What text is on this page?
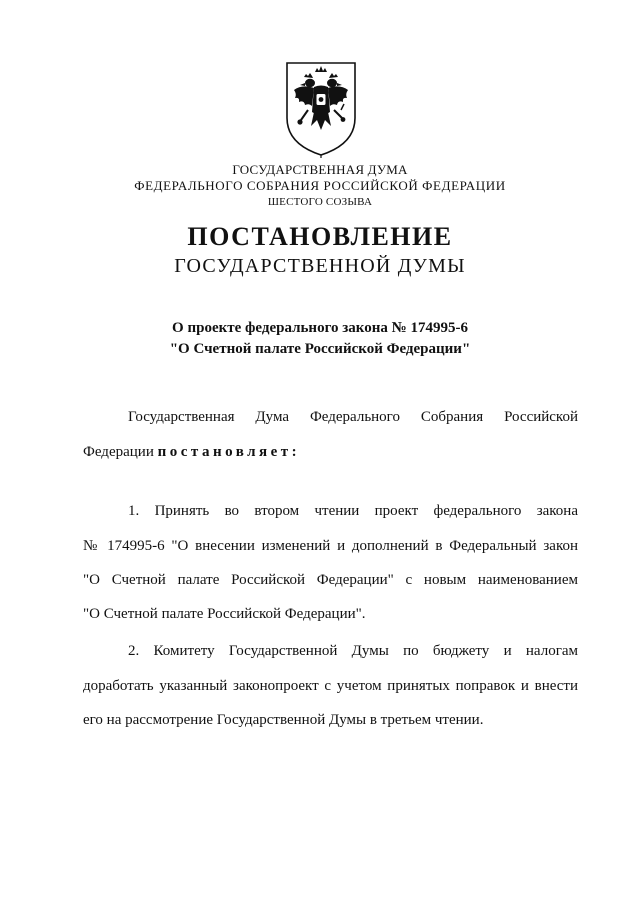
ГОСУДАРСТВЕННАЯ ДУМА
ФЕДЕРАЛЬНОГО СОБРАНИЯ РОССИЙСКОЙ ФЕДЕРАЦИИ
ШЕСТОГО СОЗЫВА
ПОСТАНОВЛЕНИЕ
ГОСУДАРСТВЕННОЙ ДУМЫ
О проекте федерального закона № 174995-6
"О Счетной палате Российской Федерации"
Государственная Дума Федерального Собрания Российской
Федерации постановляет:
1. Принять во втором чтении проект федерального закона
№ 174995-6 "О внесении изменений и дополнений в Федеральный закон
"О Счетной палате Российской Федерации" с новым наименованием
"О Счетной палате Российской Федерации".
2. Комитету Государственной Думы по бюджету и налогам
доработать указанный законопроект с учетом принятых поправок и внести
его на рассмотрение Государственной Думы в третьем чтении.
